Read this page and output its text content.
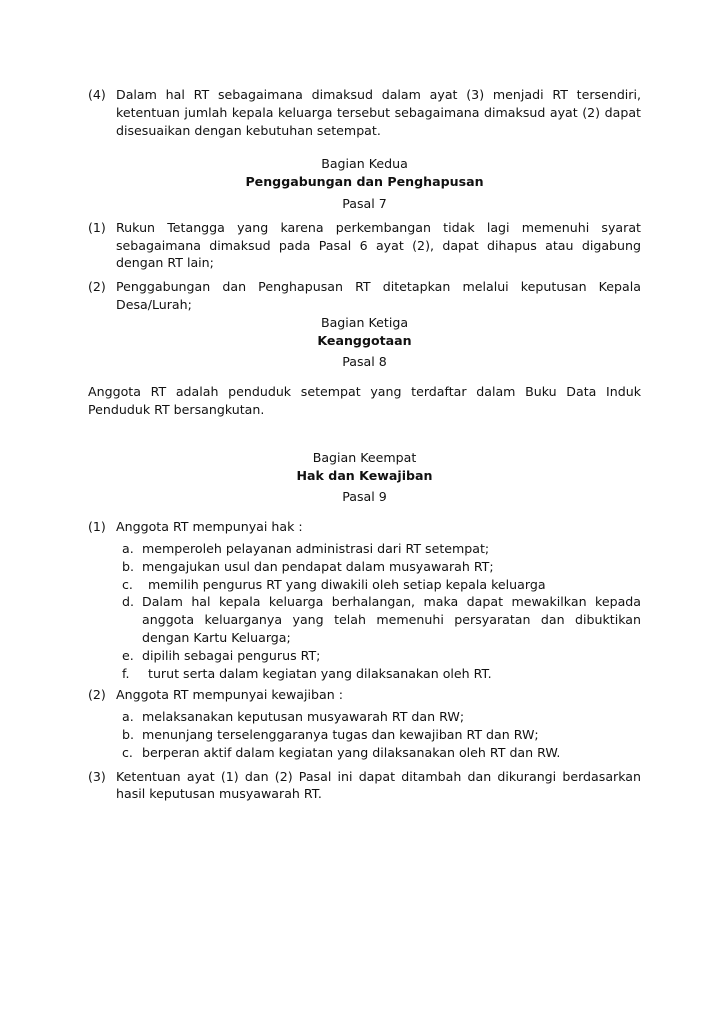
(4) Dalam hal RT sebagaimana dimaksud dalam ayat (3) menjadi RT tersendiri, ketentuan jumlah kepala keluarga tersebut sebagaimana dimaksud ayat (2) dapat disesuaikan dengan kebutuhan setempat.
Bagian Kedua
Penggabungan dan Penghapusan
Pasal 7
(1) Rukun Tetangga yang karena perkembangan tidak lagi memenuhi syarat sebagaimana dimaksud pada Pasal 6 ayat (2), dapat dihapus atau digabung dengan RT lain;
(2) Penggabungan dan Penghapusan RT ditetapkan melalui keputusan Kepala Desa/Lurah;
Bagian Ketiga
Keanggotaan
Pasal 8
Anggota RT adalah penduduk setempat yang terdaftar dalam Buku Data Induk Penduduk RT bersangkutan.
Bagian Keempat
Hak dan Kewajiban
Pasal 9
(1) Anggota RT mempunyai hak :
a. memperoleh pelayanan administrasi dari RT setempat;
b. mengajukan usul dan pendapat dalam musyawarah RT;
c.	memilih pengurus RT yang diwakili oleh setiap kepala keluarga
d. Dalam hal kepala keluarga berhalangan, maka dapat mewakilkan kepada anggota keluarganya yang telah memenuhi persyaratan dan dibuktikan dengan Kartu Keluarga;
e. dipilih sebagai pengurus RT;
f.	turut serta dalam kegiatan yang dilaksanakan oleh RT.
(2) Anggota RT mempunyai kewajiban :
a. melaksanakan keputusan musyawarah RT dan RW;
b. menunjang terselenggaranya tugas dan kewajiban RT dan RW;
c. berperan aktif dalam kegiatan yang dilaksanakan oleh RT dan RW.
(3) Ketentuan ayat (1) dan (2) Pasal ini dapat ditambah dan dikurangi berdasarkan hasil keputusan musyawarah RT.
